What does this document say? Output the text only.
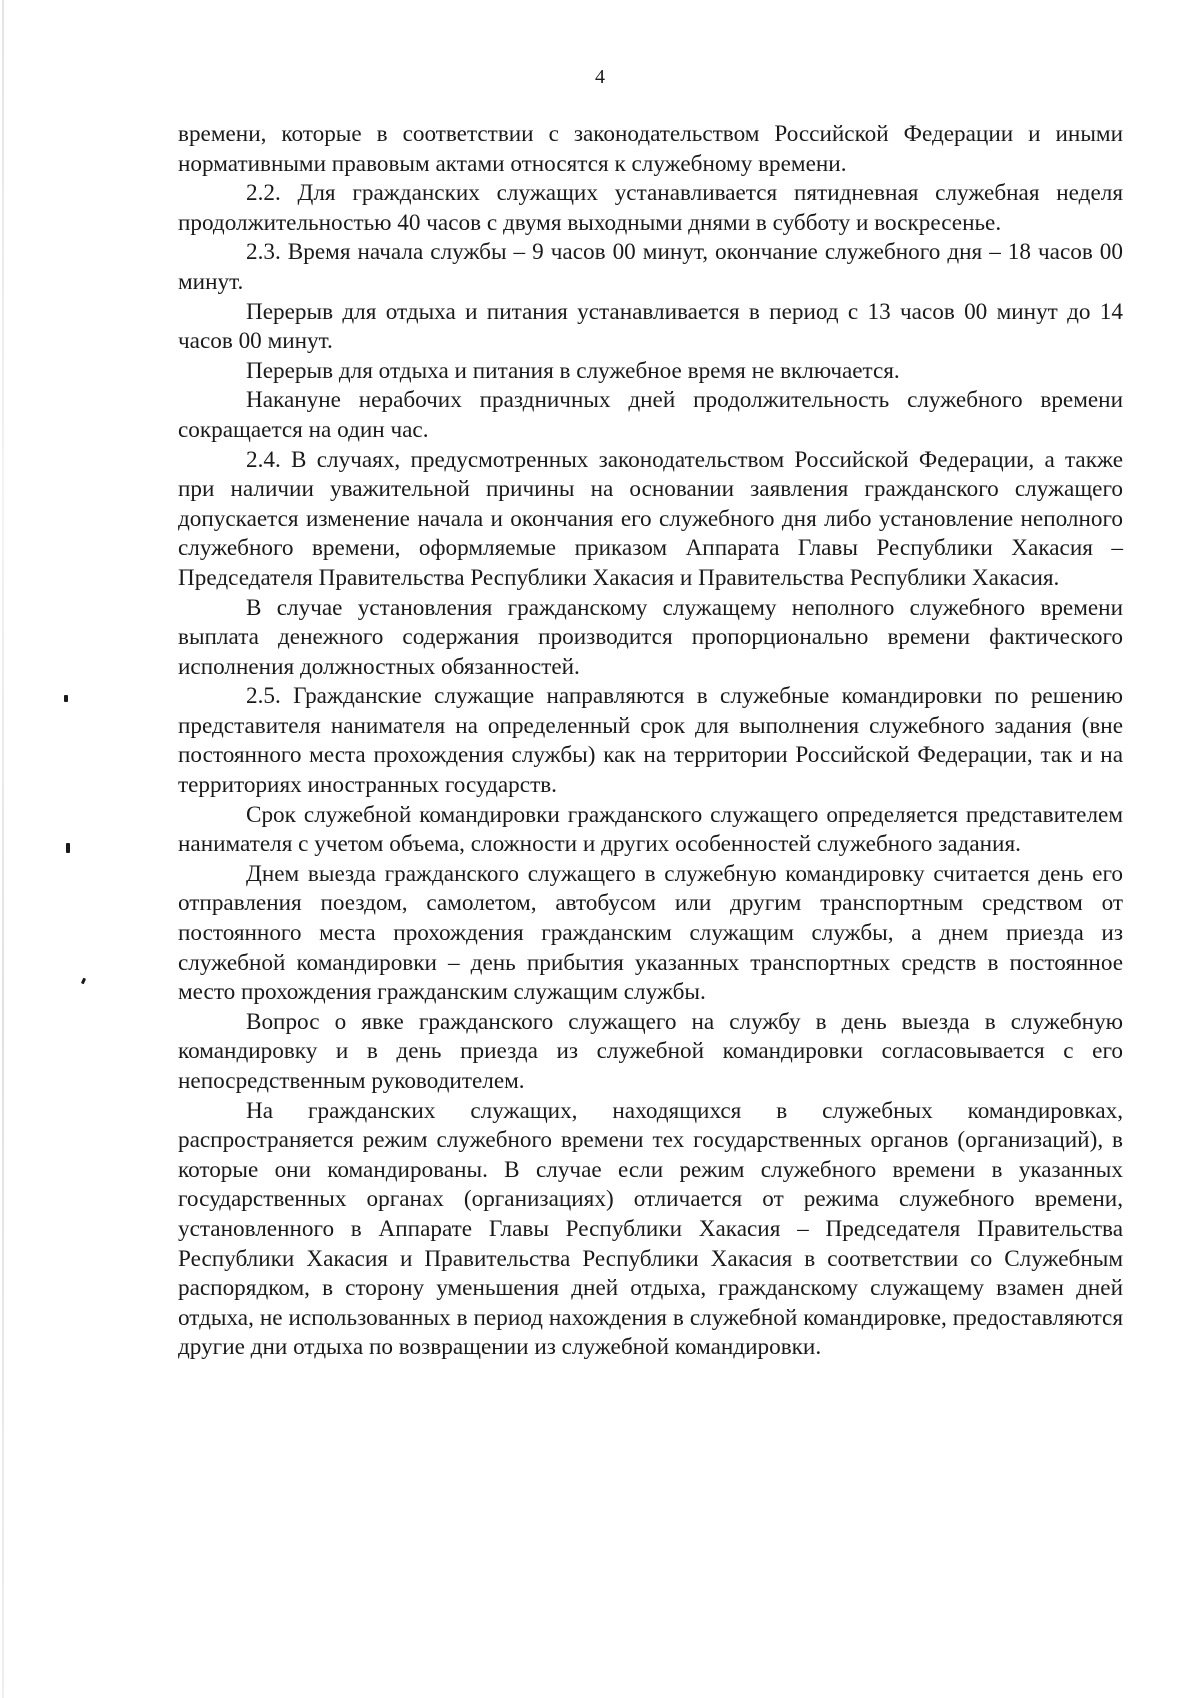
4

времени, которые в соответствии с законодательством Российской Федерации и иными нормативными правовым актами относятся к служебному времени.

2.2. Для гражданских служащих устанавливается пятидневная служебная неделя продолжительностью 40 часов с двумя выходными днями в субботу и воскресенье.

2.3. Время начала службы – 9 часов 00 минут, окончание служебного дня – 18 часов 00 минут.

Перерыв для отдыха и питания устанавливается в период с 13 часов 00 минут до 14 часов 00 минут.

Перерыв для отдыха и питания в служебное время не включается.

Накануне нерабочих праздничных дней продолжительность служебного времени сокращается на один час.

2.4. В случаях, предусмотренных законодательством Российской Федерации, а также при наличии уважительной причины на основании заявления гражданского служащего допускается изменение начала и окончания его служебного дня либо установление неполного служебного времени, оформляемые приказом Аппарата Главы Республики Хакасия – Председателя Правительства Республики Хакасия и Правительства Республики Хакасия.

В случае установления гражданскому служащему неполного служебного времени выплата денежного содержания производится пропорционально времени фактического исполнения должностных обязанностей.

2.5. Гражданские служащие направляются в служебные командировки по решению представителя нанимателя на определенный срок для выполнения служебного задания (вне постоянного места прохождения службы) как на территории Российской Федерации, так и на территориях иностранных государств.

Срок служебной командировки гражданского служащего определяется представителем нанимателя с учетом объема, сложности и других особенностей служебного задания.

Днем выезда гражданского служащего в служебную командировку считается день его отправления поездом, самолетом, автобусом или другим транспортным средством от постоянного места прохождения гражданским служащим службы, а днем приезда из служебной командировки – день прибытия указанных транспортных средств в постоянное место прохождения гражданским служащим службы.

Вопрос о явке гражданского служащего на службу в день выезда в служебную командировку и в день приезда из служебной командировки согласовывается с его непосредственным руководителем.

На гражданских служащих, находящихся в служебных командировках, распространяется режим служебного времени тех государственных органов (организаций), в которые они командированы. В случае если режим служебного времени в указанных государственных органах (организациях) отличается от режима служебного времени, установленного в Аппарате Главы Республики Хакасия – Председателя Правительства Республики Хакасия и Правительства Республики Хакасия в соответствии со Служебным распорядком, в сторону уменьшения дней отдыха, гражданскому служащему взамен дней отдыха, не использованных в период нахождения в служебной командировке, предоставляются другие дни отдыха по возвращении из служебной командировки.
